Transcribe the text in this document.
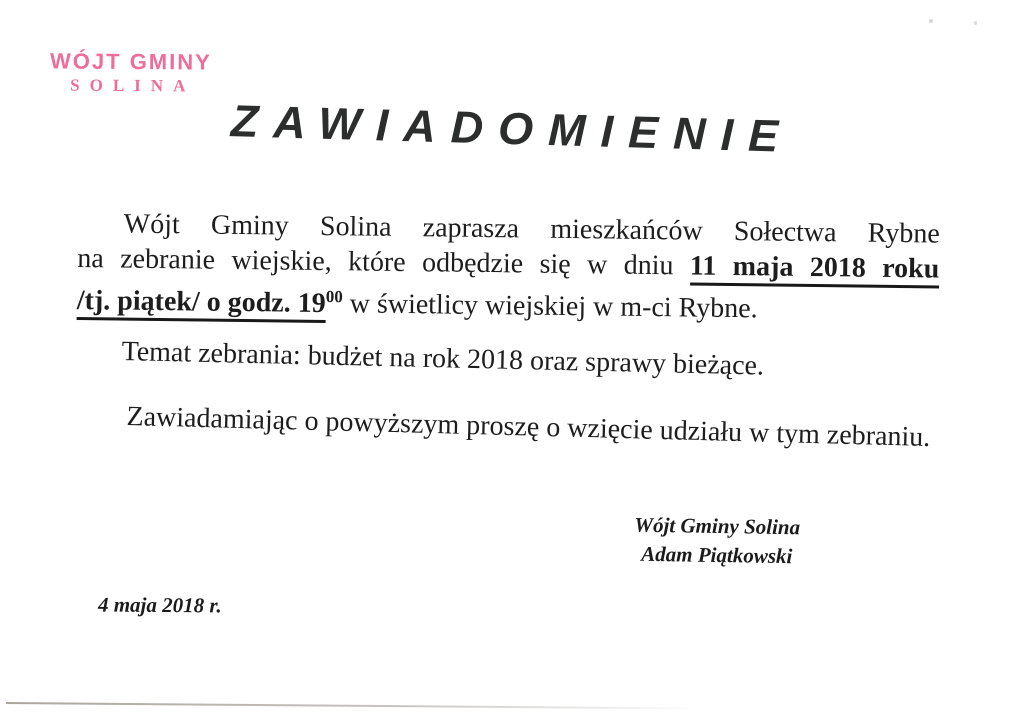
WÓJT GMINY
SOLINA
ZAWIADOMIENIE
Wójt Gminy Solina zaprasza mieszkańców Sołectwa Rybne
na zebranie wiejskie, które odbędzie się w dniu 11 maja 2018 roku
/tj. piątek/ o godz. $19^{00}$ w świetlicy wiejskiej w m-ci Rybne.
Temat zebrania: budżet na rok 2018 oraz sprawy bieżące.
Zawiadamiając o powyższym proszę o wzięcie udziału w tym zebraniu.
Wójt Gminy Solina
Adam Piątkowski
4 maja 2018 r.
